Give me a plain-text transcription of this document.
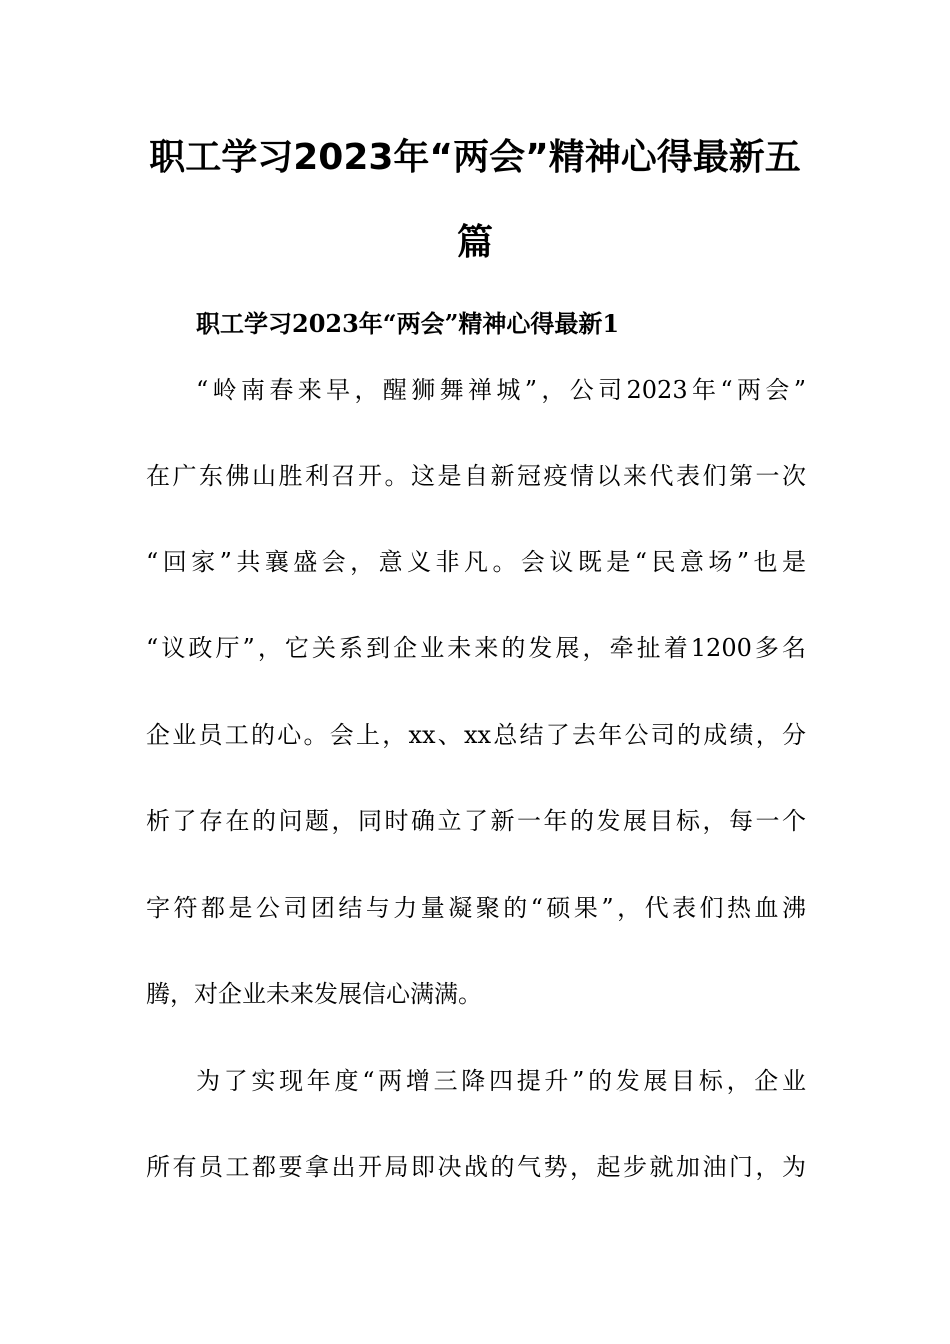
职工学习2023年“两会”精神心得最新五
篇
职工学习2023年“两会”精神心得最新1
“岭南春来早，醒狮舞禅城”，公司2023年“两会”
在广东佛山胜利召开。这是自新冠疫情以来代表们第一次
“回家”共襄盛会，意义非凡。会议既是“民意场”也是
“议政厅”，它关系到企业未来的发展，牵扯着1200多名
企业员工的心。会上，xx、xx总结了去年公司的成绩，分
析了存在的问题，同时确立了新一年的发展目标，每一个
字符都是公司团结与力量凝聚的“硕果”，代表们热血沸
腾，对企业未来发展信心满满。
为了实现年度“两增三降四提升”的发展目标，企业
所有员工都要拿出开局即决战的气势，起步就加油门，为
